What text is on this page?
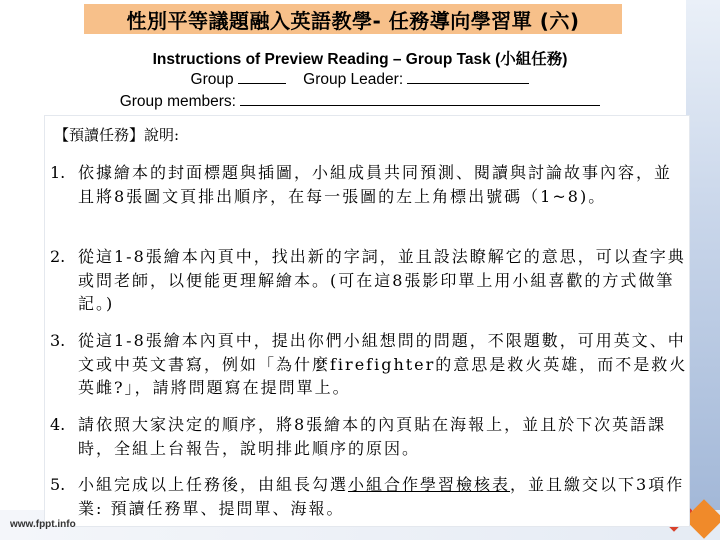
性別平等議題融入英語教學- 任務導向學習單 (六)
Instructions of Preview Reading – Group Task (小組任務)
Group	Group Leader:
Group members:
【預讀任務】說明:
1. 依據繪本的封面標題與插圖，小組成員共同預測、閱讀與討論故事內容，並且將8張圖文頁排出順序，在每一張圖的左上角標出號碼（1~8)。
2. 從這1-8張繪本內頁中，找出新的字詞，並且設法瞭解它的意思，可以查字典或問老師，以便能更理解繪本。(可在這8張影印單上用小組喜歡的方式做筆記。)
3. 從這1-8張繪本內頁中，提出你們小組想問的問題，不限題數，可用英文、中文或中英文書寫，例如「為什麼firefighter的意思是救火英雄，而不是救火英雌?」，請將問題寫在提問單上。
4. 請依照大家決定的順序，將8張繪本的內頁貼在海報上，並且於下次英語課時，全組上台報告，說明排此順序的原因。
5. 小組完成以上任務後，由組長勾選小組合作學習檢核表，並且繳交以下3項作業: 預讀任務單、提問單、海報。
www.fppt.info
